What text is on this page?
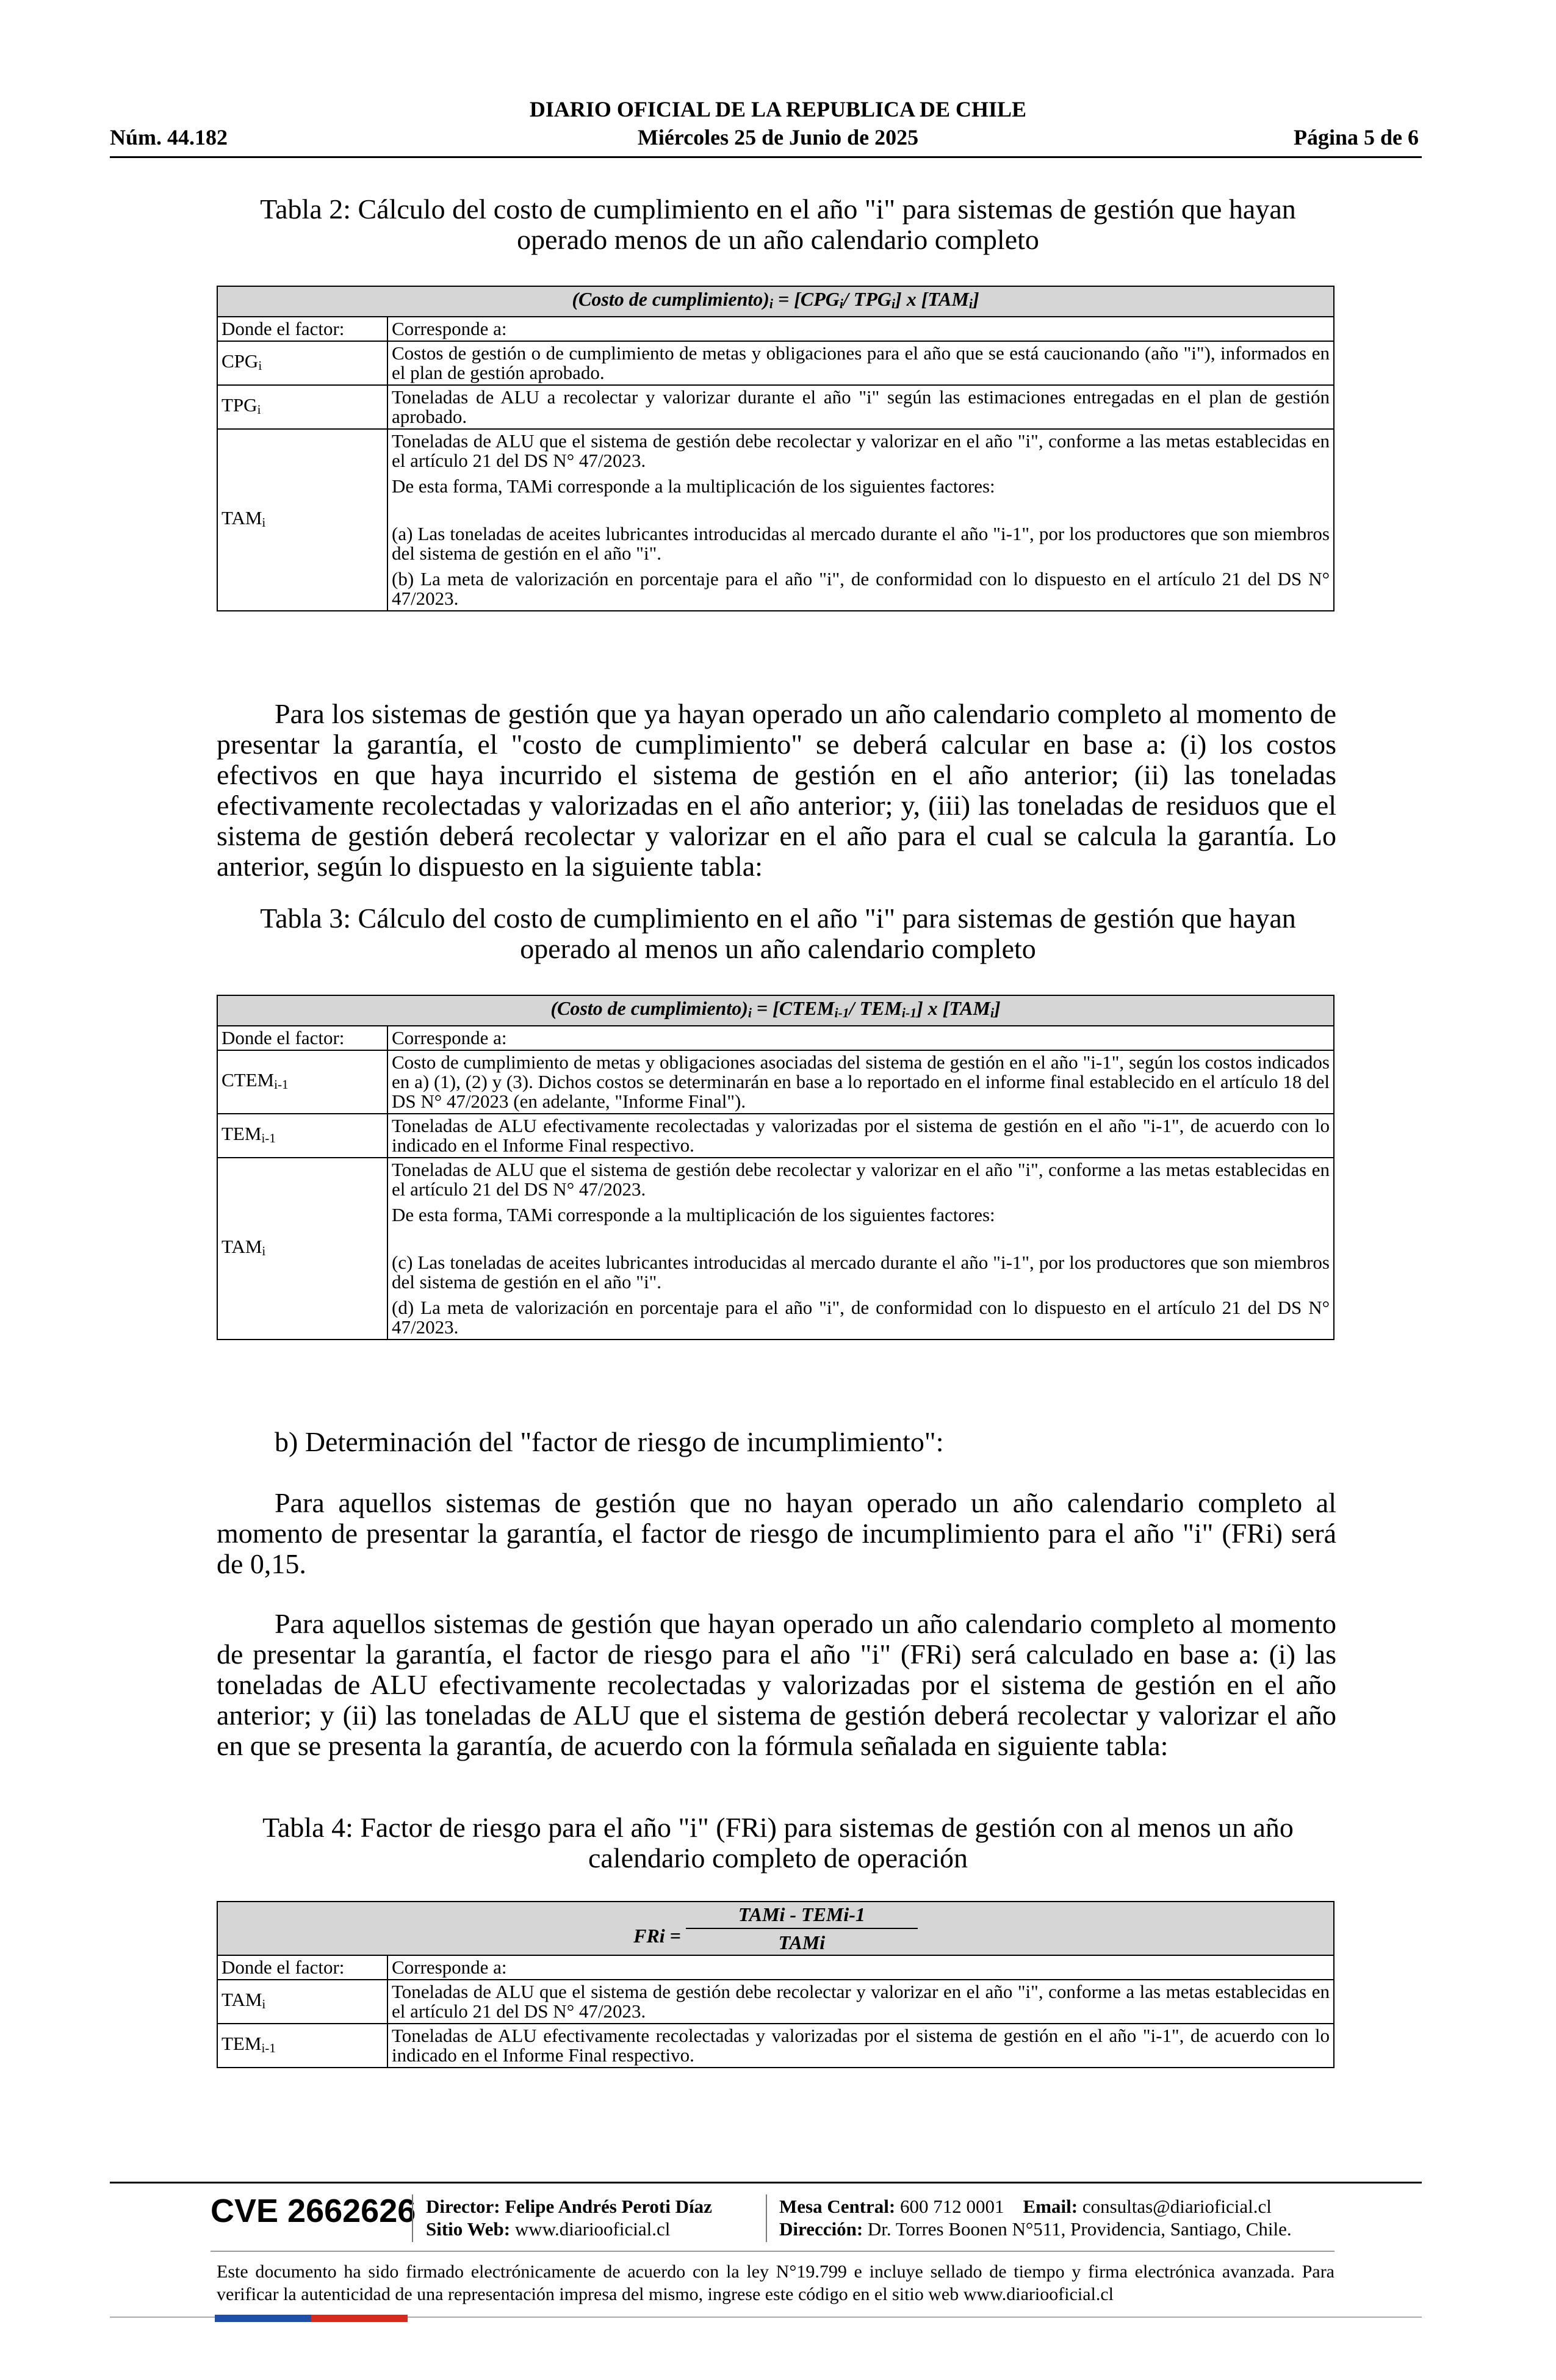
DIARIO OFICIAL DE LA REPUBLICA DE CHILE
Núm. 44.182	Miércoles 25 de Junio de 2025	Página 5 de 6
Tabla 2: Cálculo del costo de cumplimiento en el año "i" para sistemas de gestión que hayan
operado menos de un año calendario completo
(Costo de $cumplimiento)_i = [CPG_i/$ $TPG_i$] x $[TAM_i]$	
Donde el factor:	Corresponde a:
$CPG_i$	Costos de gestión o de cumplimiento de metas y obligaciones para el año que se está caucionando (año "i"), informados en el plan de gestión aprobado.
$TPG_i$	Toneladas de ALU a recolectar y valorizar durante el año "i" según las estimaciones entregadas en el plan de gestión aprobado.
$TAM_i$	Toneladas de ALU que el sistema de gestión debe recolectar y valorizar en el año "i", conforme a las metas establecidas en el artículo 21 del DS N° 47/2023.
De esta forma, TAMi corresponde a la multiplicación de los siguientes factores:
(a) Las toneladas de aceites lubricantes introducidas al mercado durante el año "i-1", por los productores que son miembros del sistema de gestión en el año "i".
(b) La meta de valorización en porcentaje para el año "i", de conformidad con lo dispuesto en el artículo 21 del DS N° 47/2023.
Para los sistemas de gestión que ya hayan operado un año calendario completo al momento de presentar la garantía, el "costo de cumplimiento" se deberá calcular en base a: (i) los costos efectivos en que haya incurrido el sistema de gestión en el año anterior; (ii) las toneladas efectivamente recolectadas y valorizadas en el año anterior; y, (iii) las toneladas de residuos que el sistema de gestión deberá recolectar y valorizar en el año para el cual se calcula la garantía. Lo anterior, según lo dispuesto en la siguiente tabla:
Tabla 3: Cálculo del costo de cumplimiento en el año "i" para sistemas de gestión que hayan
operado al menos un año calendario completo
(Costo de $cumplimiento)_i$ = [$CTEM_{i-1}/$ $TEM_{i-1}$] x $[TAM_i]$	
Donde el factor:	Corresponde a:
$CTEM_{i-1}$	Costo de cumplimiento de metas y obligaciones asociadas del sistema de gestión en el año "i-1", según los costos indicados en a) (1), (2) y (3). Dichos costos se determinarán en base a lo reportado en el informe final establecido en el artículo 18 del DS N° 47/2023 (en adelante, "Informe Final").
$TEM_{i-1}$	Toneladas de ALU efectivamente recolectadas y valorizadas por el sistema de gestión en el año "i-1", de acuerdo con lo indicado en el Informe Final respectivo.
$TAM_i$	Toneladas de ALU que el sistema de gestión debe recolectar y valorizar en el año "i", conforme a las metas establecidas en el artículo 21 del DS N° 47/2023.
De esta forma, TAMi corresponde a la multiplicación de los siguientes factores:
(c) Las toneladas de aceites lubricantes introducidas al mercado durante el año "i-1", por los productores que son miembros del sistema de gestión en el año "i".
(d) La meta de valorización en porcentaje para el año "i", de conformidad con lo dispuesto en el artículo 21 del DS N° 47/2023.
b) Determinación del "factor de riesgo de incumplimiento":
Para aquellos sistemas de gestión que no hayan operado un año calendario completo al momento de presentar la garantía, el factor de riesgo de incumplimiento para el año "i" (FRi) será de 0,15.
Para aquellos sistemas de gestión que hayan operado un año calendario completo al momento de presentar la garantía, el factor de riesgo para el año "i" (FRi) será calculado en base a: (i) las toneladas de ALU efectivamente recolectadas y valorizadas por el sistema de gestión en el año anterior; y (ii) las toneladas de ALU que el sistema de gestión deberá recolectar y valorizar el año en que se presenta la garantía, de acuerdo con la fórmula señalada en siguiente tabla:
Tabla 4: Factor de riesgo para el año "i" (FRi) para sistemas de gestión con al menos un año
calendario completo de operación
FRi = $\frac{\text{TAMi - TEMi-1}}{\text{TAMi}}$

Donde el factor:	Corresponde a:
$TAM_i$	Toneladas de ALU que el sistema de gestión debe recolectar y valorizar en el año "i", conforme a las metas establecidas en el artículo 21 del DS N° 47/2023.
$TEM_{i-1}$	Toneladas de ALU efectivamente recolectadas y valorizadas por el sistema de gestión en el año "i-1", de acuerdo con lo indicado en el Informe Final respectivo.
CVE 2662626 Director: Felipe Andrés Peroti Díaz
Sitio Web: www.diariooficial.cl
Mesa Central: 600 712 0001 Email: consultas@diarioficial.cl
Dirección: Dr. Torres Boonen N°511, Providencia, Santiago, Chile.
Este documento ha sido firmado electrónicamente de acuerdo con la ley N°19.799 e incluye sellado de tiempo y firma electrónica avanzada. Para verificar la autenticidad de una representación impresa del mismo, ingrese este código en el sitio web www.diariooficial.cl
